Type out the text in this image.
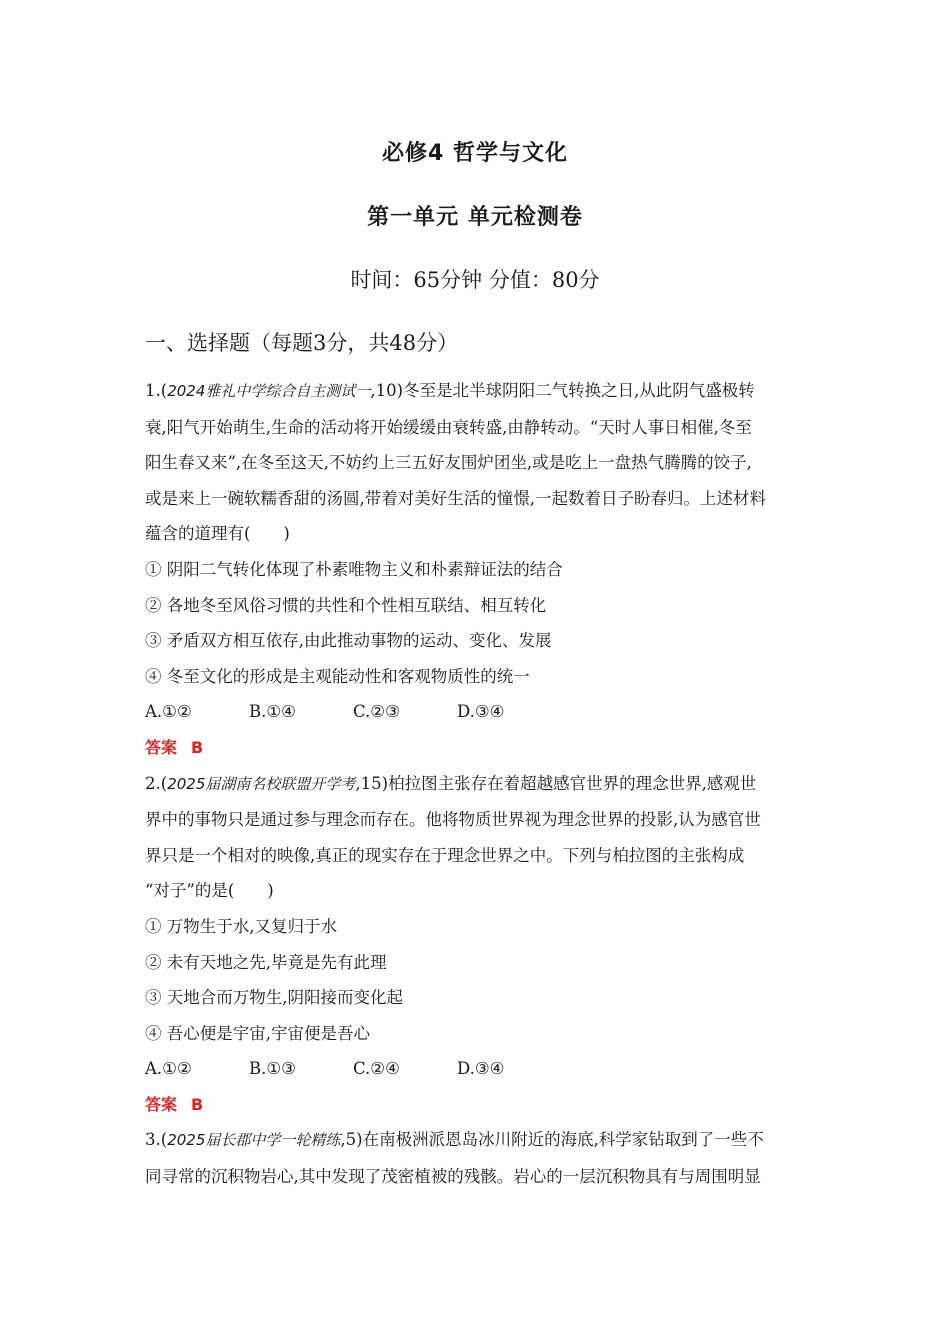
必修4 哲学与文化
第一单元 单元检测卷
时间：65分钟 分值：80分
一、选择题（每题3分，共48分）
1.(2024雅礼中学综合自主测试一,10)冬至是北半球阴阳二气转换之日,从此阴气盛极转
衰,阳气开始萌生,生命的活动将开始缓缓由衰转盛,由静转动。“天时人事日相催,冬至
阳生春又来”,在冬至这天,不妨约上三五好友围炉团坐,或是吃上一盘热气腾腾的饺子,
或是来上一碗软糯香甜的汤圆,带着对美好生活的憧憬,一起数着日子盼春归。上述材料
蕴含的道理有(　　)
① 阴阳二气转化体现了朴素唯物主义和朴素辩证法的结合
② 各地冬至风俗习惯的共性和个性相互联结、相互转化
③ 矛盾双方相互依存,由此推动事物的运动、变化、发展
④ 冬至文化的形成是主观能动性和客观物质性的统一
A.①②	B.①④	C.②③	D.③④
答案 B
2.(2025届湖南名校联盟开学考,15)柏拉图主张存在着超越感官世界的理念世界,感观世
界中的事物只是通过参与理念而存在。他将物质世界视为理念世界的投影,认为感官世
界只是一个相对的映像,真正的现实存在于理念世界之中。下列与柏拉图的主张构成
“对子”的是(　　)
① 万物生于水,又复归于水
② 未有天地之先,毕竟是先有此理
③ 天地合而万物生,阴阳接而变化起
④ 吾心便是宇宙,宇宙便是吾心
A.①②	B.①③	C.②④	D.③④
答案 B
3.(2025届长郡中学一轮精练,5)在南极洲派恩岛冰川附近的海底,科学家钻取到了一些不
同寻常的沉积物岩心,其中发现了茂密植被的残骸。岩心的一层沉积物具有与周围明显
